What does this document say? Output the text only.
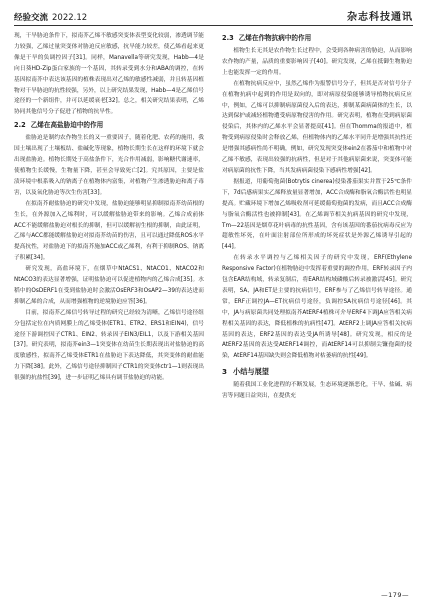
经验交流 2022.12	杂志科技通讯

现，干旱胁迫条件下，拟南芥乙烯不敏感突变体表型变化较弱，渗透调节能力较强，乙烯过量突变体对胁迫反应敏感，抗旱能力较差，使乙烯看起来更像是干旱的负调控因子[31]。同样，Manavella等研究发现，Habb—4是向日葵HD-Zip蛋白家族的一个基因，其转录受到水分和ABA的调控，在转基因拟南芥中表达该基因的植株表现出对乙烯的敏感性减弱，并且转基因植物对干旱胁迫的抗性较强，另外，以上研究结果发现，Habb—4是乙烯信号途径的一个新组件，并可以延缓衰老[32]。总之，相关研究结果表明，乙烯协同其他信号分子促进了植物的抗旱性。

2.2 乙烯在高盐胁迫中的作用

盐胁迫是制约农作物生长的又一重要因子，随着化肥、农药的施用，我国土壤出现了土壤板结、盐碱化等现象，植物长期生长在这样的环境下就会出现盐胁迫。植物长期处于高盐条件下，光合作用减弱，影响糖代谢速率，使植物生长缓慢，生物量下降，甚至会导致死亡[2]。究其原因，主要是盐渍环境中根系吸入的钠离子在植物体内富集，对植物产生渗透胁迫和离子毒害，以及氧化胁迫等次生伤害[33]。

在拟南芥耐盐胁迫的研究中发现，盐胁迫能够明显抑制拟南芥幼苗根的生长，在外源加入乙烯利时，可以缓解盐胁迫带来的影响。乙烯合成前体ACC不能缓解盐胁迫对根长的抑制，但可以缓解初生根的抑制，由此证明，乙烯与ACC都能缓解盐胁迫对拟南芥幼苗的伤害，且可以通过降低ROS水平提高抗性，对盐胁迫下的拟南芥施加ACC或乙烯利，有利于抑制ROS、钠离子积累[34]。

研究发现，高盐环境下，在烟草中NtACS1、NtACO1、NtACO2和NtACO3的表达显著增强，证明盐胁迫可以促进植物内的乙烯合成[35]。水稻中的OsDERF1在受到盐胁迫时会激活OsERF3和OsAP2—39的表达进而抑制乙烯的合成，从而增强植物的逆境胁迫应答[36]。

目前，拟南芥乙烯信号转导过程的研究已经较为清晰，乙烯信号途径组分包括定位在内质网膜上的乙烯受体(ETR1、ETR2、ERS1和EIN4)，信号途径下游调控因子CTR1、EIN2、转录因子EIN3/EIL1，以及下游相关基因[37]。研究表明，拟南芥ein3—1突变体在幼苗生长期表现出对盐胁迫的高度敏感性，拟南芥乙烯受体ETR1在盐胁迫下表达降低，其突变体的耐盐能力下降[38]。此外，乙烯信号途径抑制因子CTR1的突变体ctr1—1则表现出很强的抗盐性[39]，进一步证明乙烯具有调节盐胁迫的功能。

2.3 乙烯在作物抗病中的作用

植物生长无其是农作物生长过程中，会受到各种病害的胁迫，从而影响农作物的产量，品质的重要影响因子[40]。研究发现，乙烯在抵御生物胁迫上也能发挥一定的作用。

在植物抗病反应中，虽然乙烯作为报警信号分子，但其是否对信号分子在植物抗病中起到的作用是双向的，即对病原侵染能够诱导植物抗病反应中，例如，乙烯可以抑制病原菌侵入后的表达，抑制某菌病菌体的生长，以达到保护或减轻植物遭受病原物侵害的作用。研究表明，植物在受到病原菌侵染后，其体内的乙烯水平会显著提高[41]。但在Thomma的报道中，植物受到病原侵染时会释放乙烯，但植物体内的乙烯水平同升是增强其抗性还是增强其感病性尚不明确，例如，研究发现突变体ein2在番茄中和植物中对乙烯不敏感，表现出较强的抗病性，但是对于其他病原菌来说，突变体可能对病原菌的抗性下降，当其发病病菌侵染下感病性增强[42]。

据报道，用葡萄孢菌(Botrytis cinerea)侵染番茄果实并置于25℃条件下，7d后感病果实乙烯释放量显著增加，ACC合成酶和脂氧合酶活性也明显提高。贮藏环境下增加乙烯吸收剂可延缓葡萄孢菌的发病，而且ACC合成酶与脂氧合酶活性也被抑制[43]。在乙烯调节相关抗病基因的研究中发现，Tm—22基因是烟草花叶病毒的抗性基因，含有该基因的番茄抗病毒反应为超敏性坏死，在叶面注射部位所形成的坏死症状是外源乙烯诱导引起的[44]。

在转录水平调控与乙烯相关因子的研究中发现，ERF(Ethylene Responsive Factor)在植物胁迫中发挥着重要的调控作用，ERF转录因子内包含EAR结构域，转录复制后，将EAR结构域磷酸后转录被激活[45]。研究表明，SA、JA和ET是主要的抗病信号，ERF参与了乙烯信号转导途径。通常，ERF正调控JA—ET抗病信号途径，负调控SA抗病信号途径[46]。其中，JA与病原菌共同处理拟南芥AtERF4植株可介导ERF4下调JA应答相关病程相关基因的表达，降低植株的抗病性[47]。AtERF2上调JA应答相关抗病基因的表达，ERF2基因的表达受JA所诱导[48]。研究发现，相反的是AtERF2基因的表达受AtERF14调控，而AtERF14可以抑制尖镰孢菌的侵染，AtERF14基因缺失则会降低植物对枯萎病的抗性[49]。

3 小结与展望

随着我国工业化进程的不断发展，生态环境逐渐恶化，干旱、盐碱、病害等问题日益突出，在提供充

—179—
